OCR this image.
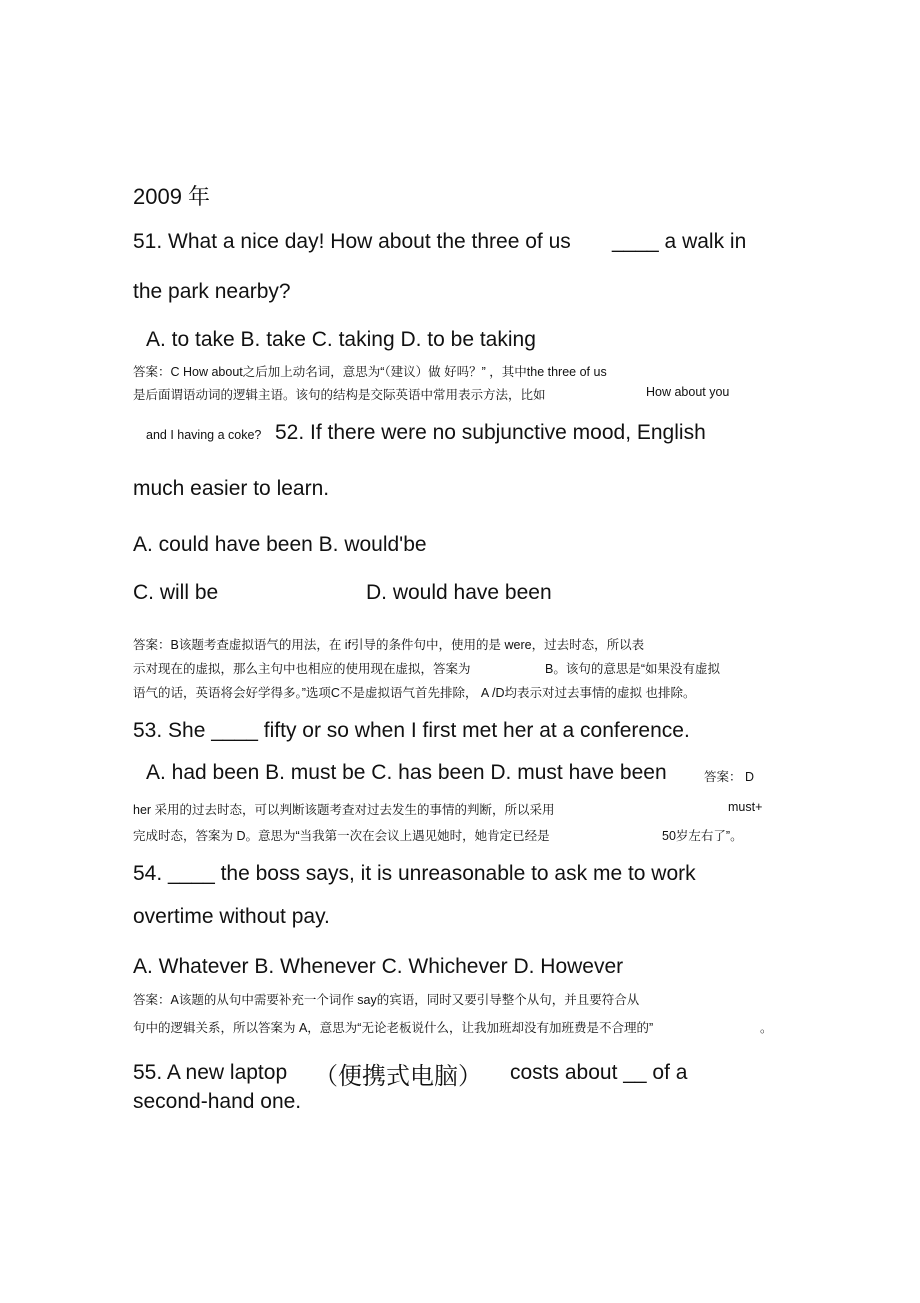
2009 年
51. What a nice day! How about the three of us ____ a walk in
the park nearby?
A. to take B. take C. taking D. to be taking
答案：C How about之后加上动名词，意思为“（建议）做 好吗？” ，其中the three of us
是后面谓语动词的逻辑主语。该句的结构是交际英语中常用表示方法，比如	How about you
and I having a coke? 52. If there were no subjunctive mood, English
much easier to learn.
A. could have been B. would'be
C. will be	D. would have been
答案：B该题考查虚拟语气的用法，在 if引导的条件句中，使用的是 were，过去时态，所以表
示对现在的虚拟，那么主句中也相应的使用现在虚拟，答案为	B。该句的意思是“如果没有虚拟
语气的话，英语将会好学得多。”选项C不是虚拟语气首先排除， A /D均表示对过去事情的虚拟 也排除。
53. She ____ fifty or so when I first met her at a conference.
A. had been B. must be C. has been D. must have been	答案： D
her 采用的过去时态，可以判断该题考查对过去发生的事情的判断，所以采用	must+
完成时态，答案为 D。意思为“当我第一次在会议上遇见她时，她肯定已经是	50岁左右了”。
54. ____ the boss says, it is unreasonable to ask me to work
overtime without pay.
A. Whatever B. Whenever C. Whichever D. However
答案：A该题的从句中需要补充一个词作 say的宾语，同时又要引导整个从句，并且要符合从
句中的逻辑关系，所以答案为 A，意思为“无论老板说什么，让我加班却没有加班费是不合理的”	。
55. A new laptop （便携式电脑） costs about __ of a
second-hand one.
